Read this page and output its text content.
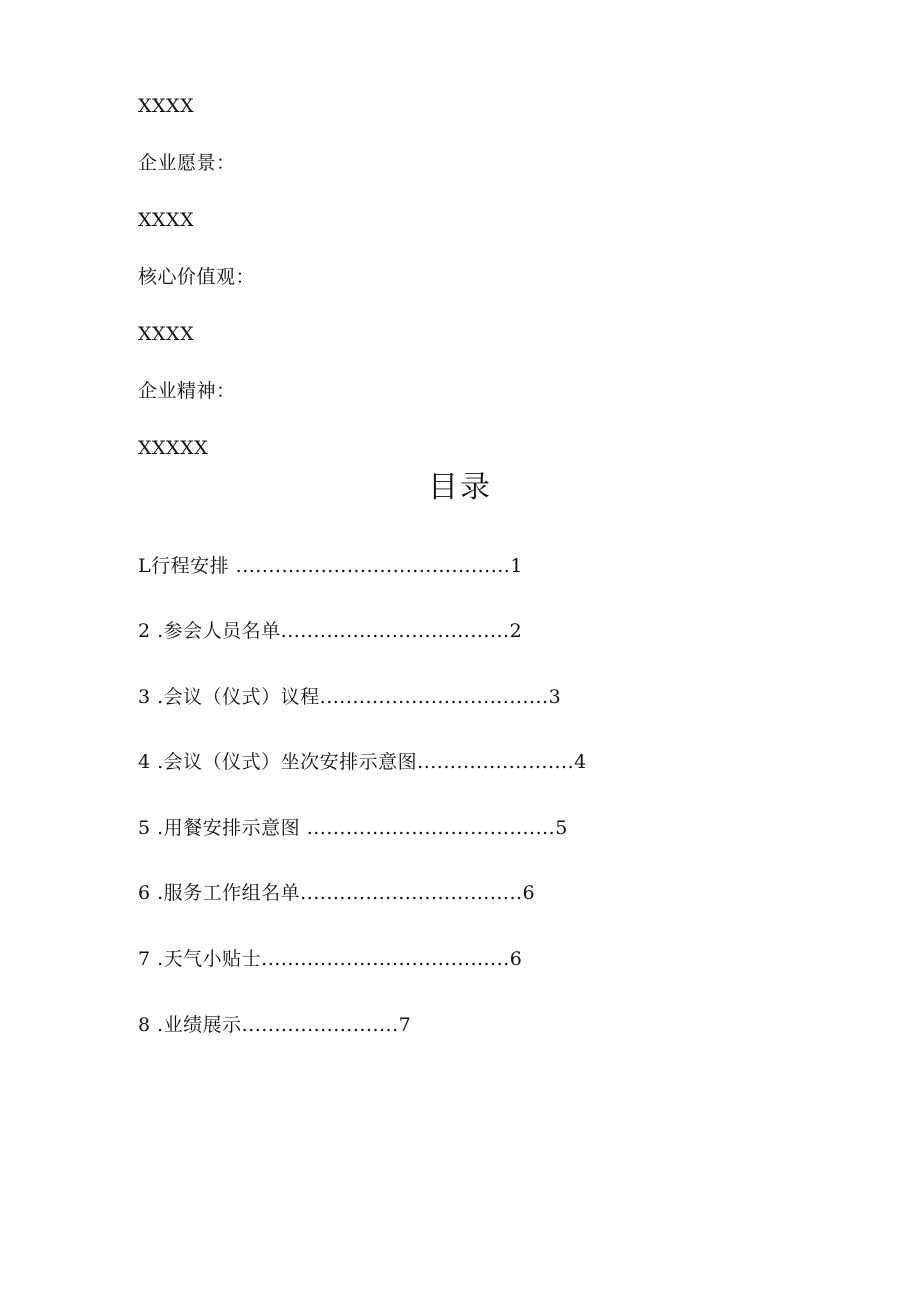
XXXX
企业愿景：
XXXX
核心价值观：
XXXX
企业精神：
XXXXX
目录
L行程安排 ..........................................1
2 .参会人员名单...................................2
3 .会议（仪式）议程...................................3
4 .会议（仪式）坐次安排示意图........................4
5 .用餐安排示意图 ......................................5
6 .服务工作组名单..................................6
7 .天气小贴士......................................6
8 .业绩展示........................7
